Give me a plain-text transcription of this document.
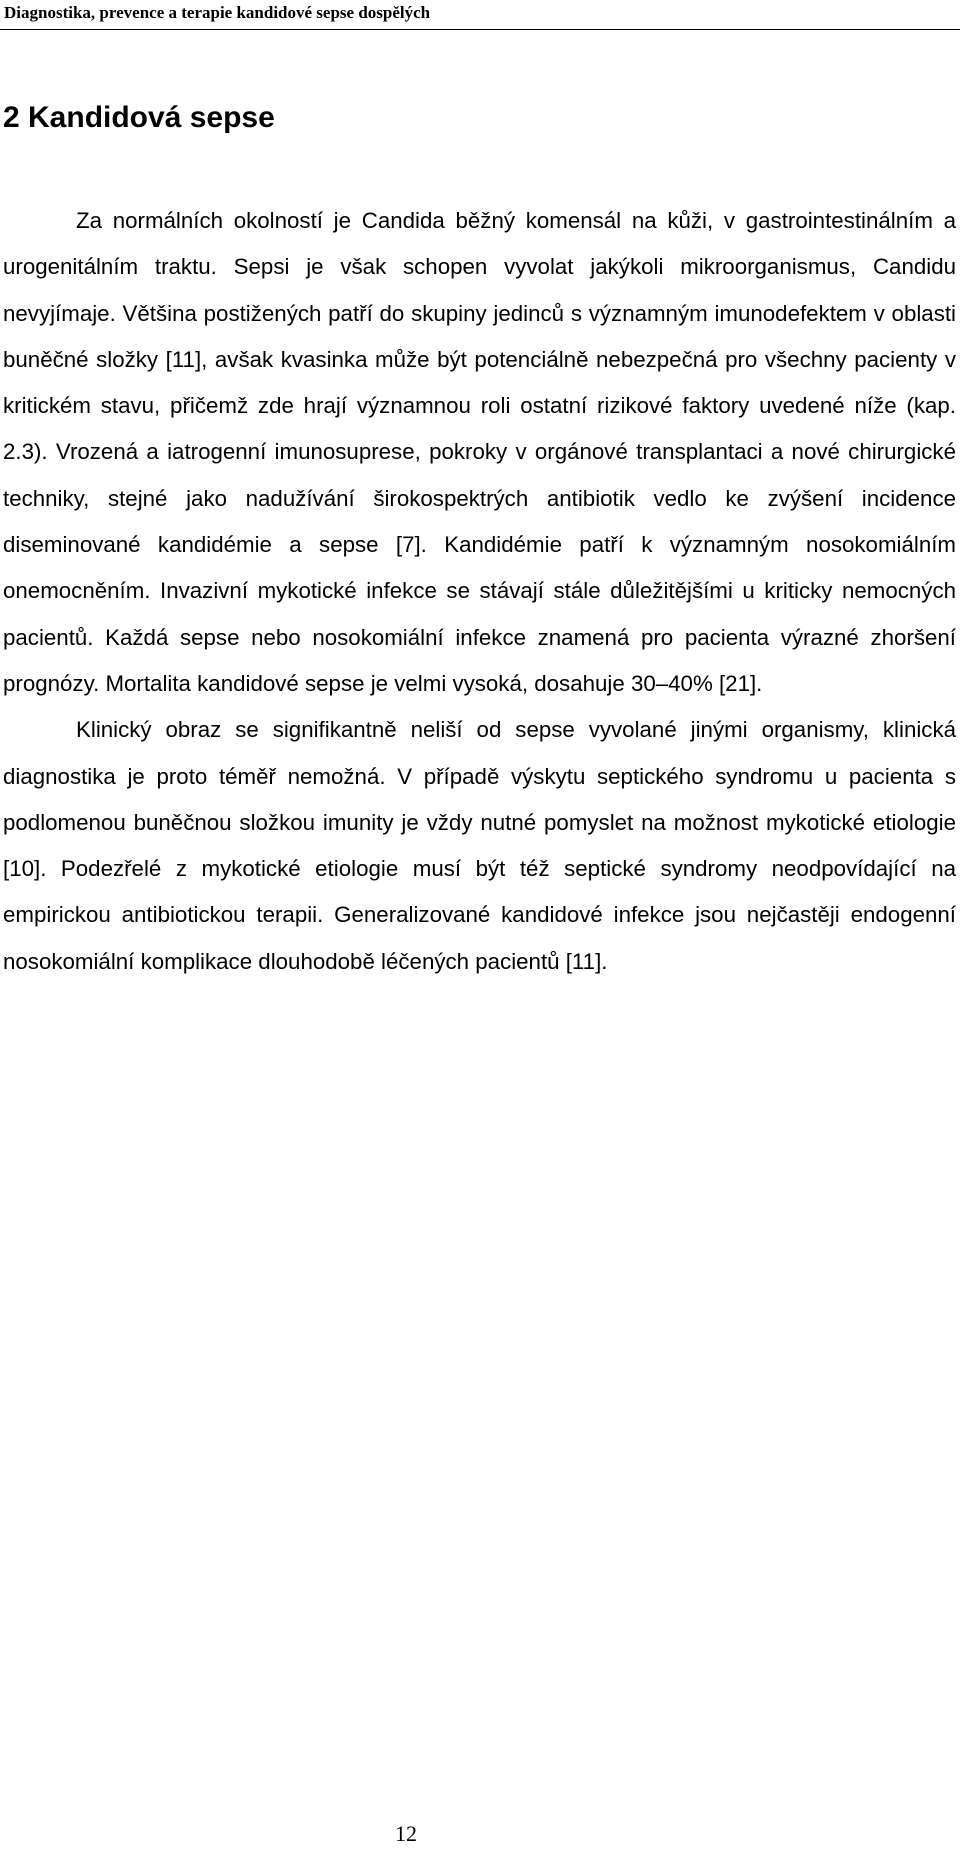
Diagnostika, prevence a terapie kandidové sepse dospělých
2 Kandidová sepse

Za normálních okolností je Candida běžný komensál na kůži, v gastrointestinálním a urogenitálním traktu. Sepsi je však schopen vyvolat jakýkoli mikroorganismus, Candidu nevyjímaje. Většina postižených patří do skupiny jedinců s významným imunodefektem v oblasti buněčné složky [11], avšak kvasinka může být potenciálně nebezpečná pro všechny pacienty v kritickém stavu, přičemž zde hrají významnou roli ostatní rizikové faktory uvedené níže (kap. 2.3). Vrozená a iatrogenní imunosuprese, pokroky v orgánové transplantaci a nové chirurgické techniky, stejné jako nadužívání širokospektrých antibiotik vedlo ke zvýšení incidence diseminované kandidémie a sepse [7]. Kandidémie patří k významným nosokomiálním onemocněním. Invazivní mykotické infekce se stávají stále důležitějšími u kriticky nemocných pacientů. Každá sepse nebo nosokomiální infekce znamená pro pacienta výrazné zhoršení prognózy. Mortalita kandidové sepse je velmi vysoká, dosahuje 30–40% [21].

Klinický obraz se signifikantně neliší od sepse vyvolané jinými organismy, klinická diagnostika je proto téměř nemožná. V případě výskytu septického syndromu u pacienta s podlomenou buněčnou složkou imunity je vždy nutné pomyslet na možnost mykotické etiologie [10]. Podezřelé z mykotické etiologie musí být též septické syndromy neodpovídající na empirickou antibiotickou terapii. Generalizované kandidové infekce jsou nejčastěji endogenní nosokomiální komplikace dlouhodobě léčených pacientů [11].

12
